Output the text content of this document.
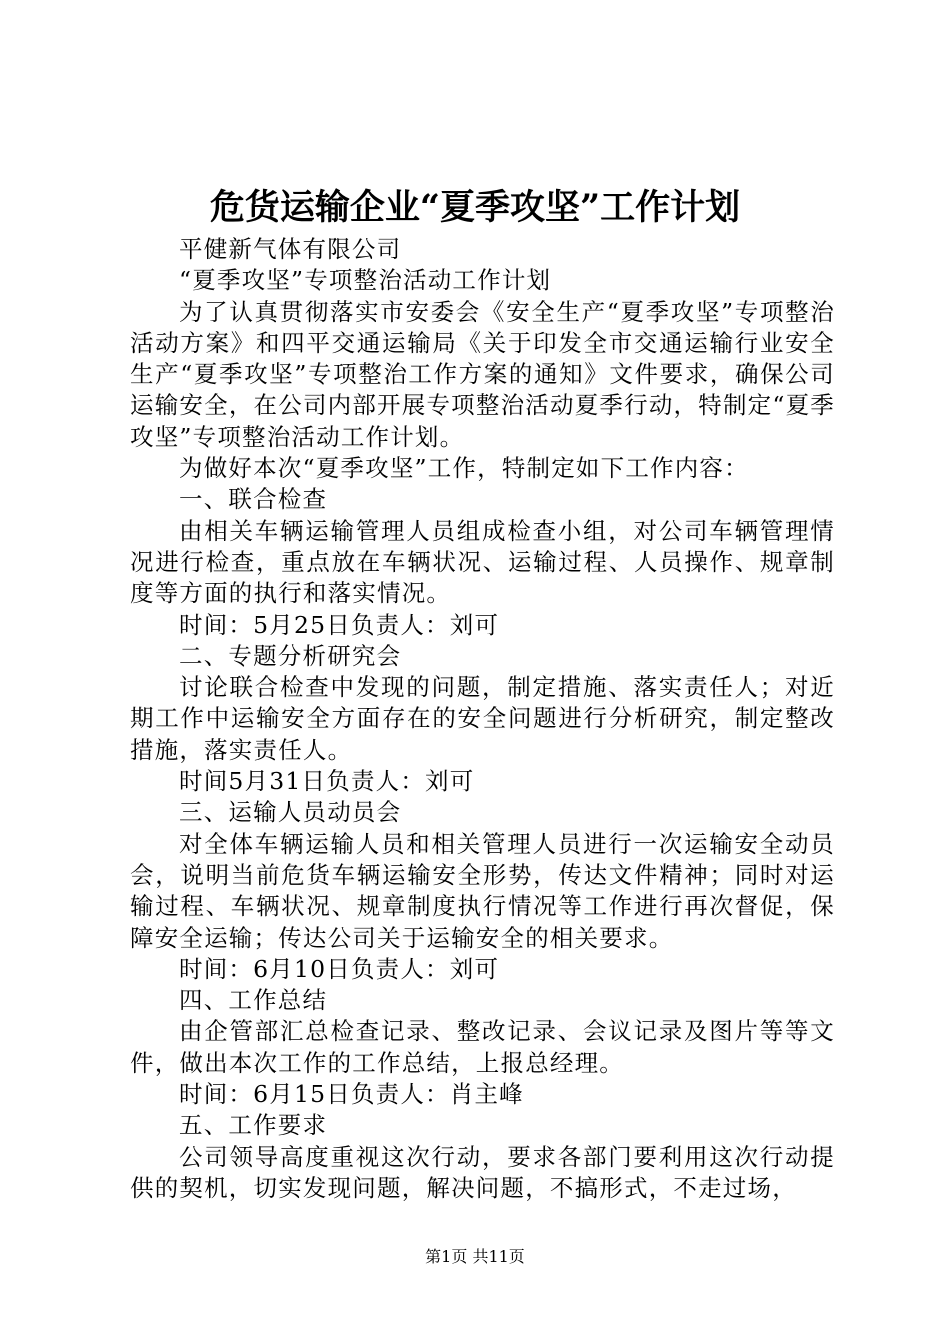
危货运输企业“夏季攻坚”工作计划

平健新气体有限公司

“夏季攻坚”专项整治活动工作计划

为了认真贯彻落实市安委会《安全生产“夏季攻坚”专项整治活动方案》和四平交通运输局《关于印发全市交通运输行业安全生产“夏季攻坚”专项整治工作方案的通知》文件要求，确保公司运输安全，在公司内部开展专项整治活动夏季行动，特制定“夏季攻坚”专项整治活动工作计划。

为做好本次“夏季攻坚”工作，特制定如下工作内容：

一、联合检查

由相关车辆运输管理人员组成检查小组，对公司车辆管理情况进行检查，重点放在车辆状况、运输过程、人员操作、规章制度等方面的执行和落实情况。

时间：5月25日负责人：刘可

二、专题分析研究会

讨论联合检查中发现的问题，制定措施、落实责任人；对近期工作中运输安全方面存在的安全问题进行分析研究，制定整改措施，落实责任人。

时间5月31日负责人：刘可

三、运输人员动员会

对全体车辆运输人员和相关管理人员进行一次运输安全动员会，说明当前危货车辆运输安全形势，传达文件精神；同时对运输过程、车辆状况、规章制度执行情况等工作进行再次督促，保障安全运输；传达公司关于运输安全的相关要求。

时间：6月10日负责人：刘可

四、工作总结

由企管部汇总检查记录、整改记录、会议记录及图片等等文件，做出本次工作的工作总结，上报总经理。

时间：6月15日负责人：肖主峰

五、工作要求

公司领导高度重视这次行动，要求各部门要利用这次行动提供的契机，切实发现问题，解决问题，不搞形式，不走过场，

第1页 共11页
